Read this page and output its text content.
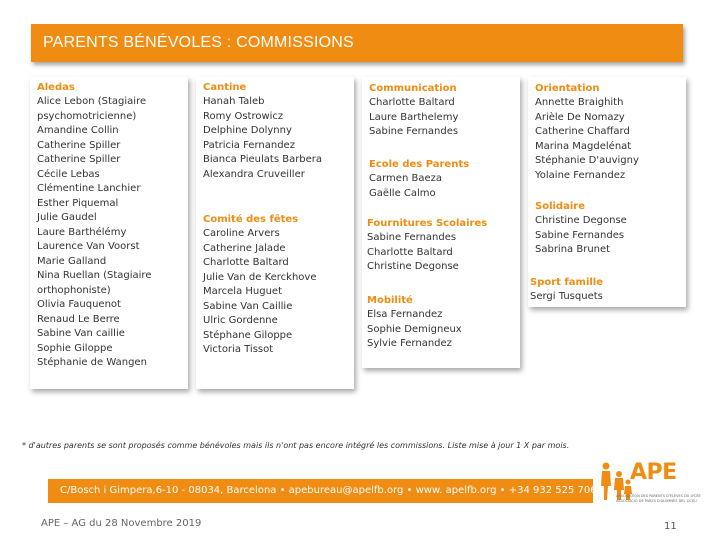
PARENTS BÉNÉVOLES : COMMISSIONS
Aledas
Alice Lebon (Stagiaire
psychomotricienne)
Amandine Collin
Catherine Spiller
Catherine Spiller
Cécile Lebas
Clémentine Lanchier
Esther Piquemal
Julie Gaudel
Laure Barthélémy
Laurence Van Voorst
Marie Galland
Nina Ruellan (Stagiaire
orthophoniste)
Olivia Fauquenot
Renaud Le Berre
Sabine Van caillie
Sophie Giloppe
Stéphanie de Wangen
Cantine
Hanah Taleb
Romy Ostrowicz
Delphine Dolynny
Patricia Fernandez
Bianca Pieulats Barbera
Alexandra Cruveiller
Comité des fêtes
Caroline Arvers
Catherine Jalade
Charlotte Baltard
Julie Van de Kerckhove
Marcela Huguet
Sabine Van Caillie
Ulric Gordenne
Stéphane Giloppe
Victoria Tissot
Communication
Charlotte Baltard
Laure Barthelemy
Sabine Fernandes
Ecole des Parents
Carmen Baeza
Gaëlle Calmo
Fournitures Scolaires
Sabine Fernandes
Charlotte Baltard
Christine Degonse
Mobilité
Elsa Fernandez
Sophie Demigneux
Sylvie Fernandez
Orientation
Annette Braighith
Arièle De Nomazy
Catherine Chaffard
Marina Magdelénat
Stéphanie D'auvigny
Yolaine Fernandez
Solidaire
Christine Degonse
Sabine Fernandes
Sabrina Brunet
Sport famille
Sergi Tusquets
* d'autres parents se sont proposés comme bénévoles mais ils n'ont pas encore intégré les commissions. Liste mise à jour 1 X par mois.
C/Bosch i Gimpera,6-10 - 08034, Barcelona • apebureau@apelfb.org • www. apelfb.org • +34 932 525 706
APE
ASSOCIATION DES PARENTS D'ÉLÈVES DU LYCÉE
ASSOCIACIÓ DE PARES D'ALUMNES DEL LICEU
APE – AG du 28 Novembre 2019	11
